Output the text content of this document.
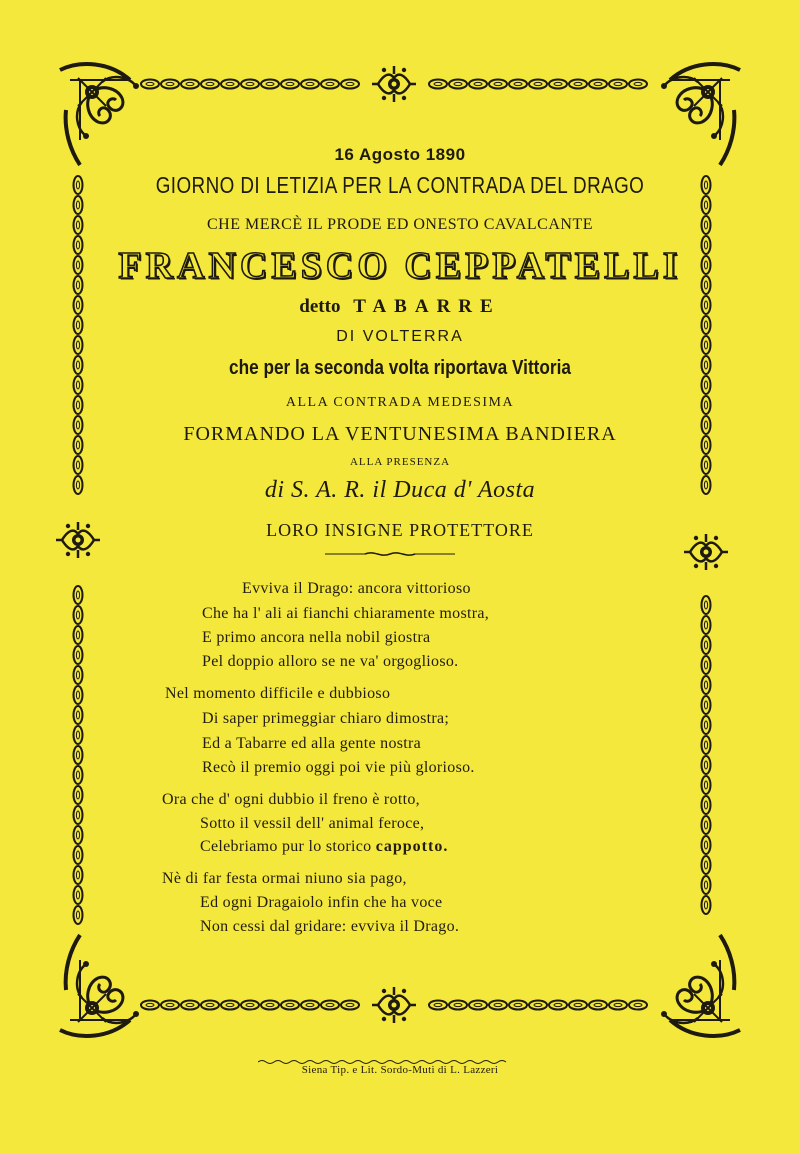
16 Agosto 1890
GIORNO DI LETIZIA PER LA CONTRADA DEL DRAGO
CHE MERCÈ IL PRODE ED ONESTO CAVALCANTE
FRANCESCO CEPPATELLI
detto TABARRE
DI VOLTERRA
che per la seconda volta riportava Vittoria
ALLA CONTRADA MEDESIMA
FORMANDO LA VENTUNESIMA BANDIERA
ALLA PRESENZA
di S. A. R. il Duca d' Aosta
LORO INSIGNE PROTETTORE
Evviva il Drago: ancora vittorioso
Che ha l' ali ai fianchi chiaramente mostra,
E primo ancora nella nobil giostra
Pel doppio alloro se ne va' orgoglioso.
Nel momento difficile e dubbioso
Di saper primeggiar chiaro dimostra;
Ed a Tabarre ed alla gente nostra
Recò il premio oggi poi vie più glorioso.
Ora che d' ogni dubbio il freno è rotto,
Sotto il vessil dell' animal feroce,
Celebriamo pur lo storico cappotto.
Nè di far festa ormai niuno sia pago,
Ed ogni Dragaiolo infin che ha voce
Non cessi dal gridare: evviva il Drago.
Siena Tip. e Lit. Sordo-Muti di L. Lazzeri
